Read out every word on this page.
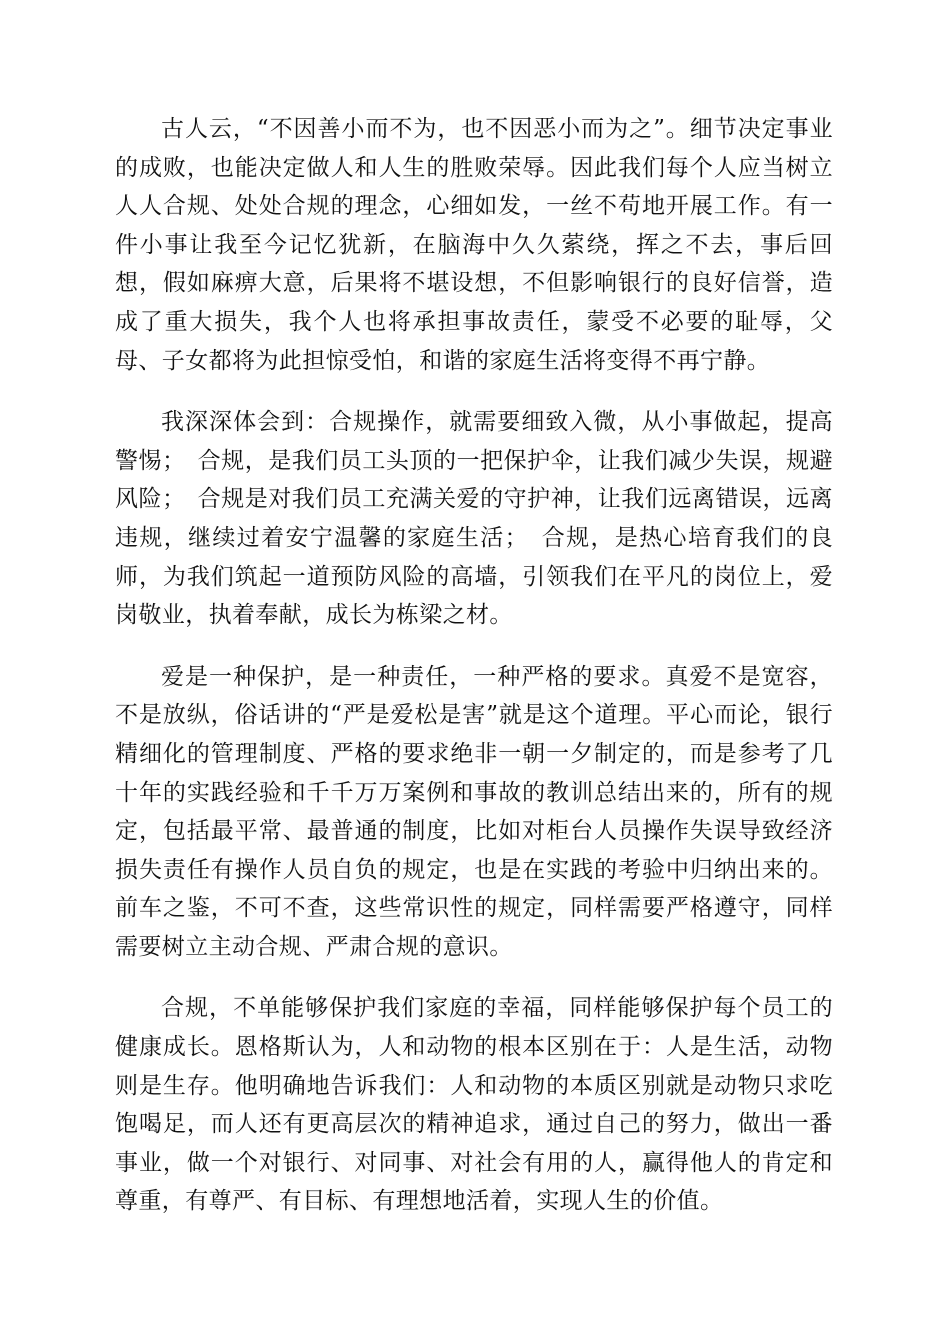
古人云，“不因善小而不为，也不因恶小而为之”。细节决定事业的成败，也能决定做人和人生的胜败荣辱。因此我们每个人应当树立人人合规、处处合规的理念，心细如发，一丝不苟地开展工作。有一件小事让我至今记忆犹新，在脑海中久久萦绕，挥之不去，事后回想，假如麻痹大意，后果将不堪设想，不但影响银行的良好信誉，造成了重大损失，我个人也将承担事故责任，蒙受不必要的耻辱，父母、子女都将为此担惊受怕，和谐的家庭生活将变得不再宁静。

我深深体会到：合规操作，就需要细致入微，从小事做起，提高警惕；　合规，是我们员工头顶的一把保护伞，让我们减少失误，规避风险；　合规是对我们员工充满关爱的守护神，让我们远离错误，远离违规，继续过着安宁温馨的家庭生活；　合规，是热心培育我们的良师，为我们筑起一道预防风险的高墙，引领我们在平凡的岗位上，爱岗敬业，执着奉献，成长为栋梁之材。

爱是一种保护，是一种责任，一种严格的要求。真爱不是宽容，不是放纵，俗话讲的“严是爱松是害”就是这个道理。平心而论，银行精细化的管理制度、严格的要求绝非一朝一夕制定的，而是参考了几十年的实践经验和千千万万案例和事故的教训总结出来的，所有的规定，包括最平常、最普通的制度，比如对柜台人员操作失误导致经济损失责任有操作人员自负的规定，也是在实践的考验中归纳出来的。前车之鉴，不可不查，这些常识性的规定，同样需要严格遵守，同样需要树立主动合规、严肃合规的意识。

合规，不单能够保护我们家庭的幸福，同样能够保护每个员工的健康成长。恩格斯认为，人和动物的根本区别在于：人是生活，动物则是生存。他明确地告诉我们：人和动物的本质区别就是动物只求吃饱喝足，而人还有更高层次的精神追求，通过自己的努力，做出一番事业，做一个对银行、对同事、对社会有用的人，赢得他人的肯定和尊重，有尊严、有目标、有理想地活着，实现人生的价值。
